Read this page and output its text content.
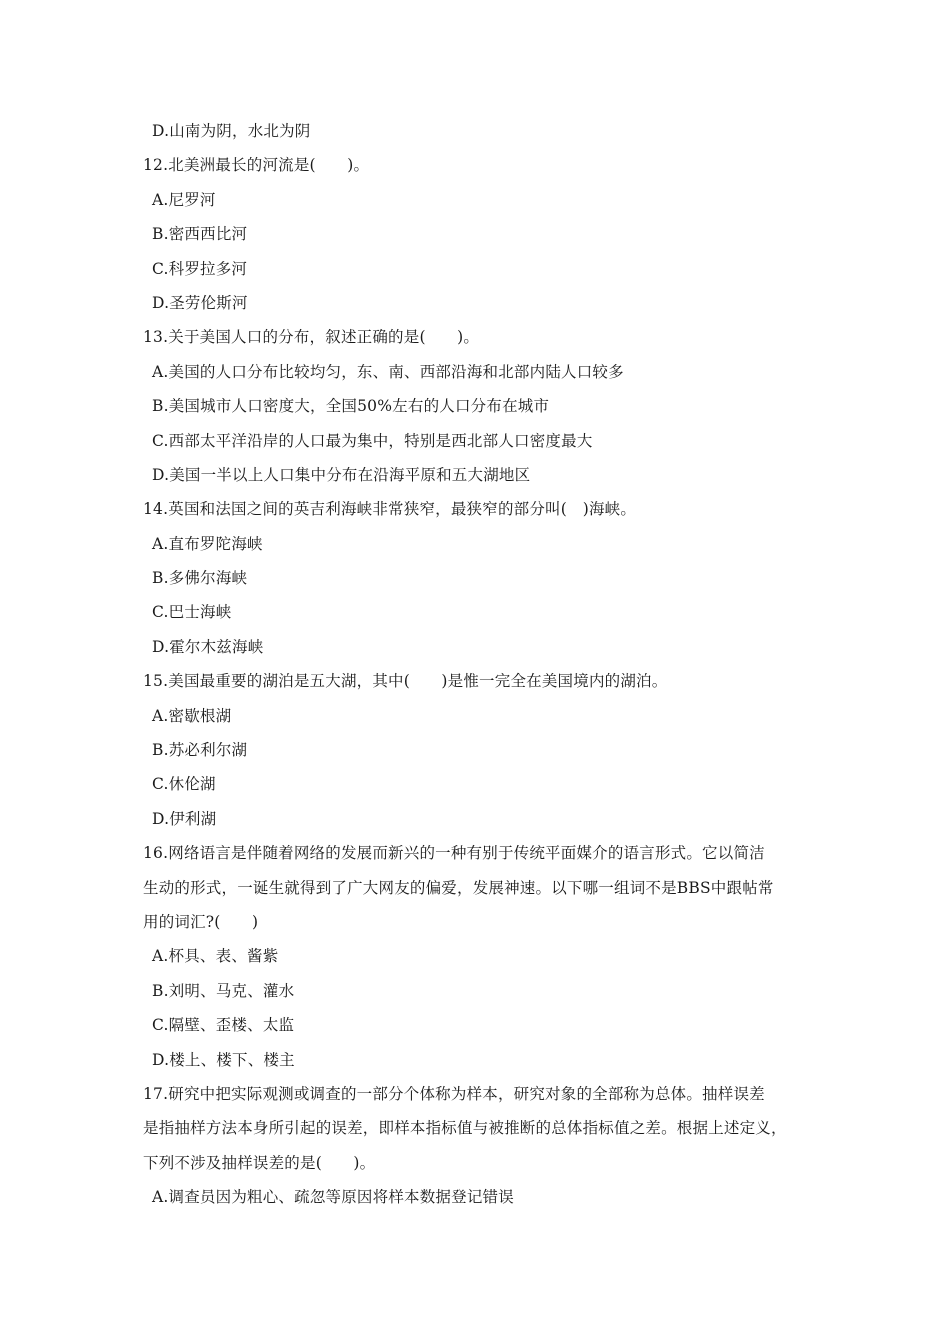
D.山南为阴，水北为阴
12.北美洲最长的河流是(　　)。
A.尼罗河
B.密西西比河
C.科罗拉多河
D.圣劳伦斯河
13.关于美国人口的分布，叙述正确的是(　　)。
A.美国的人口分布比较均匀，东、南、西部沿海和北部内陆人口较多
B.美国城市人口密度大，全国50%左右的人口分布在城市
C.西部太平洋沿岸的人口最为集中，特别是西北部人口密度最大
D.美国一半以上人口集中分布在沿海平原和五大湖地区
14.英国和法国之间的英吉利海峡非常狭窄，最狭窄的部分叫(　)海峡。
A.直布罗陀海峡
B.多佛尔海峡
C.巴士海峡
D.霍尔木兹海峡
15.美国最重要的湖泊是五大湖，其中(　　)是惟一完全在美国境内的湖泊。
A.密歇根湖
B.苏必利尔湖
C.休伦湖
D.伊利湖
16.网络语言是伴随着网络的发展而新兴的一种有别于传统平面媒介的语言形式。它以简洁
生动的形式，一诞生就得到了广大网友的偏爱，发展神速。以下哪一组词不是BBS中跟帖常
用的词汇?(　　)
A.杯具、表、酱紫
B.刘明、马克、灌水
C.隔壁、歪楼、太监
D.楼上、楼下、楼主
17.研究中把实际观测或调查的一部分个体称为样本，研究对象的全部称为总体。抽样误差
是指抽样方法本身所引起的误差，即样本指标值与被推断的总体指标值之差。根据上述定义，
下列不涉及抽样误差的是(　　)。
A.调查员因为粗心、疏忽等原因将样本数据登记错误
